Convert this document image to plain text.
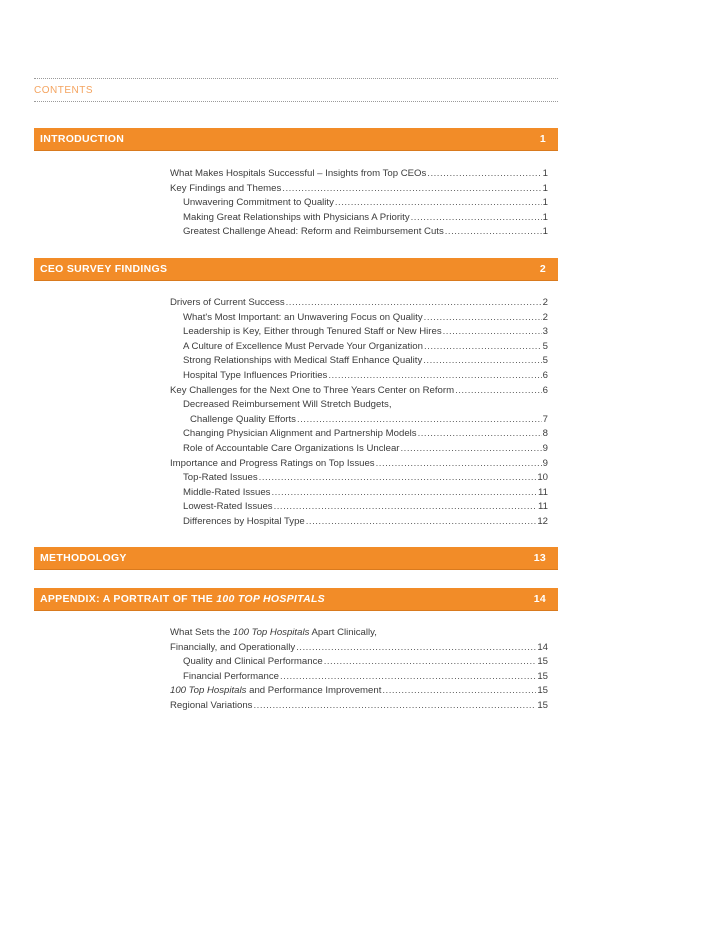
CONTENTS
INTRODUCTION	1
What Makes Hospitals Successful – Insights from Top CEOs .....	1
Key Findings and Themes .....	1
Unwavering Commitment to Quality .....	1
Making Great Relationships with Physicians A Priority .....	1
Greatest Challenge Ahead: Reform and Reimbursement Cuts .....	1
CEO SURVEY FINDINGS	2
Drivers of Current Success .....	2
What's Most Important: an Unwavering Focus on Quality .....	2
Leadership is Key, Either through Tenured Staff or New Hires .....	3
A Culture of Excellence Must Pervade Your Organization .....	5
Strong Relationships with Medical Staff Enhance Quality .....	5
Hospital Type Influences Priorities .....	6
Key Challenges for the Next One to Three Years Center on Reform .....	6
Decreased Reimbursement Will Stretch Budgets,
Challenge Quality Efforts .....	7
Changing Physician Alignment and Partnership Models .....	8
Role of Accountable Care Organizations Is Unclear .....	9
Importance and Progress Ratings on Top Issues .....	9
Top-Rated Issues .....	10
Middle-Rated Issues .....	11
Lowest-Rated Issues .....	11
Differences by Hospital Type .....	12
METHODOLOGY	13
APPENDIX: A PORTRAIT OF THE 100 TOP HOSPITALS	14
What Sets the 100 Top Hospitals Apart Clinically,
Financially, and Operationally .....	14
Quality and Clinical Performance .....	15
Financial Performance .....	15
100 Top Hospitals and Performance Improvement .....	15
Regional Variations .....	15
